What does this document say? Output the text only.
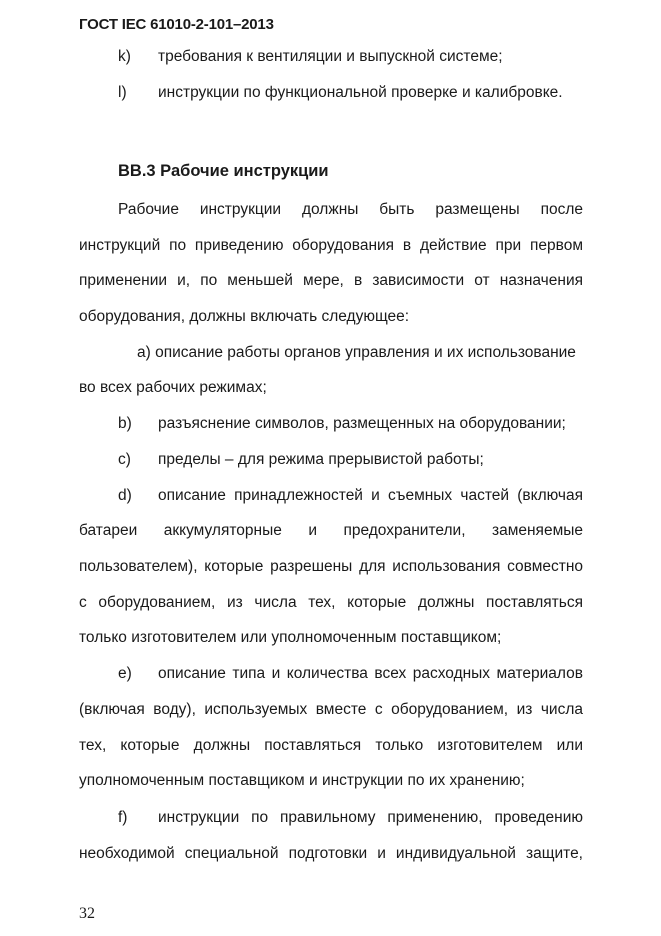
ГОСТ IEC 61010-2-101–2013
k) требования к вентиляции и выпускной системе;
l) инструкции по функциональной проверке и калибровке.
ВВ.3 Рабочие инструкции
Рабочие инструкции должны быть размещены после
инструкций по приведению оборудования в действие при первом
применении и, по меньшей мере, в зависимости от назначения
оборудования, должны включать следующее:
а) описание работы органов управления и их использование
во всех рабочих режимах;
b) разъяснение символов, размещенных на оборудовании;
c) пределы – для режима прерывистой работы;
d) описание принадлежностей и съемных частей (включая
батареи аккумуляторные и предохранители, заменяемые
пользователем), которые разрешены для использования совместно
с оборудованием, из числа тех, которые должны поставляться
только изготовителем или уполномоченным поставщиком;
e) описание типа и количества всех расходных материалов
(включая воду), используемых вместе с оборудованием, из числа
тех, которые должны поставляться только изготовителем или
уполномоченным поставщиком и инструкции по их хранению;
f) инструкции по правильному применению, проведению
необходимой специальной подготовки и индивидуальной защите,
32
